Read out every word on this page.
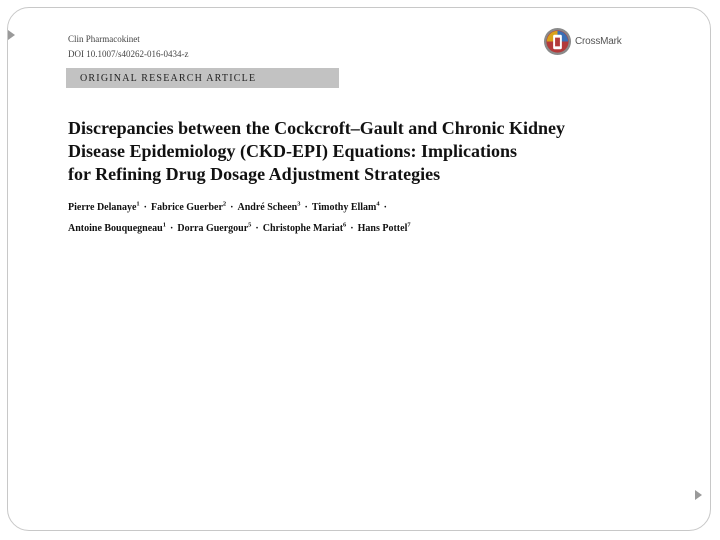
Clin Pharmacokinet
DOI 10.1007/s40262-016-0434-z
CrossMark
ORIGINAL RESEARCH ARTICLE
Discrepancies between the Cockcroft–Gault and Chronic Kidney
Disease Epidemiology (CKD-EPI) Equations: Implications
for Refining Drug Dosage Adjustment Strategies
Pierre Delanaye$^1$ · Fabrice Guerber$^2$ · André Scheen$^3$ · Timothy Ellam$^4$ ·
Antoine Bouquegneau$^1$ · Dorra Guergour$^5$ · Christophe Mariat$^6$ · Hans Pottel$^7$
